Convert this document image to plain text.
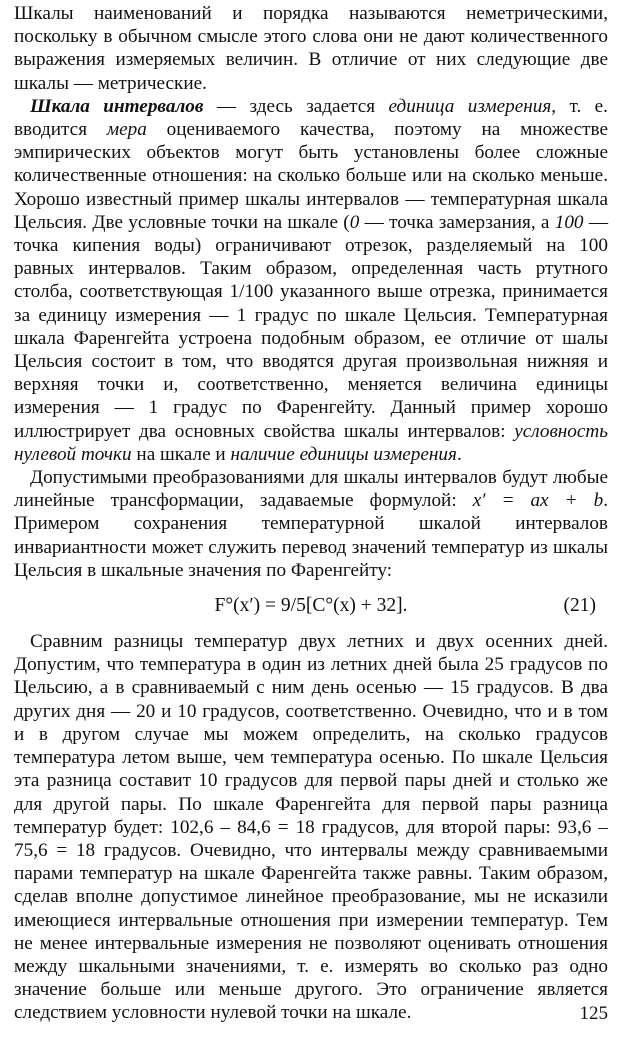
Шкалы наименований и порядка называются неметрическими, поскольку в обычном смысле этого слова они не дают количественного выражения измеряемых величин. В отличие от них следующие две шкалы — метрические.

Шкала интервалов — здесь задается единица измерения, т. е. вводится мера оцениваемого качества, поэтому на множестве эмпирических объектов могут быть установлены более сложные количественные отношения: на сколько больше или на сколько меньше. Хорошо известный пример шкалы интервалов — температурная шкала Цельсия. Две условные точки на шкале (0 — точка замерзания, а 100 — точка кипения воды) ограничивают отрезок, разделяемый на 100 равных интервалов. Таким образом, определенная часть ртутного столба, соответствующая 1/100 указанного выше отрезка, принимается за единицу измерения — 1 градус по шкале Цельсия. Температурная шкала Фаренгейта устроена подобным образом, ее отличие от шалы Цельсия состоит в том, что вводятся другая произвольная нижняя и верхняя точки и, соответственно, меняется величина единицы измерения — 1 градус по Фаренгейту. Данный пример хорошо иллюстрирует два основных свойства шкалы интервалов: условность нулевой точки на шкале и наличие единицы измерения.

Допустимыми преобразованиями для шкалы интервалов будут любые линейные трансформации, задаваемые формулой: x′ = ax + b. Примером сохранения температурной шкалой интервалов инвариантности может служить перевод значений температур из шкалы Цельсия в шкальные значения по Фаренгейту:

F°(x′) = 9/5[C°(x) + 32].	(21)

Сравним разницы температур двух летних и двух осенних дней. Допустим, что температура в один из летних дней была 25 градусов по Цельсию, а в сравниваемый с ним день осенью — 15 градусов. В два других дня — 20 и 10 градусов, соответственно. Очевидно, что и в том и в другом случае мы можем определить, на сколько градусов температура летом выше, чем температура осенью. По шкале Цельсия эта разница составит 10 градусов для первой пары дней и столько же для другой пары. По шкале Фаренгейта для первой пары разница температур будет: 102,6 – 84,6 = 18 градусов, для второй пары: 93,6 – 75,6 = 18 градусов. Очевидно, что интервалы между сравниваемыми парами температур на шкале Фаренгейта также равны. Таким образом, сделав вполне допустимое линейное преобразование, мы не исказили имеющиеся интервальные отношения при измерении температур. Тем не менее интервальные измерения не позволяют оценивать отношения между шкальными значениями, т. е. измерять во сколько раз одно значение больше или меньше другого. Это ограничение является следствием условности нулевой точки на шкале.	125
